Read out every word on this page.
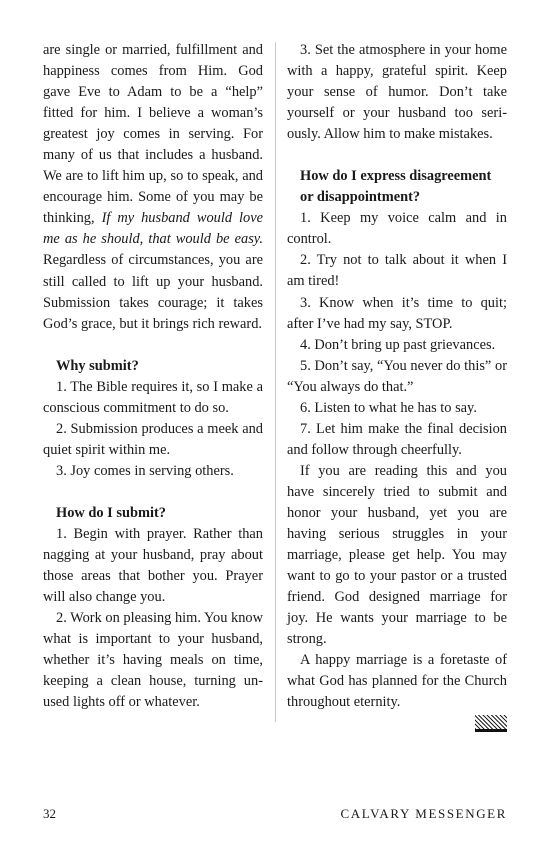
are single or married, fulfillment and happiness comes from Him. God gave Eve to Adam to be a “help” fitted for him. I believe a woman’s greatest joy comes in serving. For many of us that includes a husband. We are to lift him up, so to speak, and encourage him. Some of you may be thinking, If my husband would love me as he should, that would be easy. Regardless of circumstances, you are still called to lift up your husband. Submission takes courage; it takes God’s grace, but it brings rich reward.

Why submit?

1. The Bible requires it, so I make a conscious commitment to do so.

2. Submission produces a meek and quiet spirit within me.

3. Joy comes in serving others.

How do I submit?

1. Begin with prayer. Rather than nagging at your husband, pray about those areas that bother you. Prayer will also change you.

2. Work on pleasing him. You know what is important to your husband, whether it’s having meals on time, keeping a clean house, turning un-used lights off or whatever.

3. Set the atmosphere in your home with a happy, grateful spirit. Keep your sense of humor. Don’t take yourself or your husband too seri-ously. Allow him to make mistakes.

How do I express disagreement or disappointment?

1. Keep my voice calm and in control.

2. Try not to talk about it when I am tired!

3. Know when it’s time to quit; after I’ve had my say, STOP.

4. Don’t bring up past grievances.

5. Don’t say, “You never do this” or “You always do that.”

6. Listen to what he has to say.

7. Let him make the final decision and follow through cheerfully.

If you are reading this and you have sincerely tried to submit and honor your husband, yet you are having serious struggles in your marriage, please get help. You may want to go to your pastor or a trusted friend. God designed marriage for joy. He wants your marriage to be strong.

A happy marriage is a foretaste of what God has planned for the Church throughout eternity.

32	CALVARY MESSENGER
